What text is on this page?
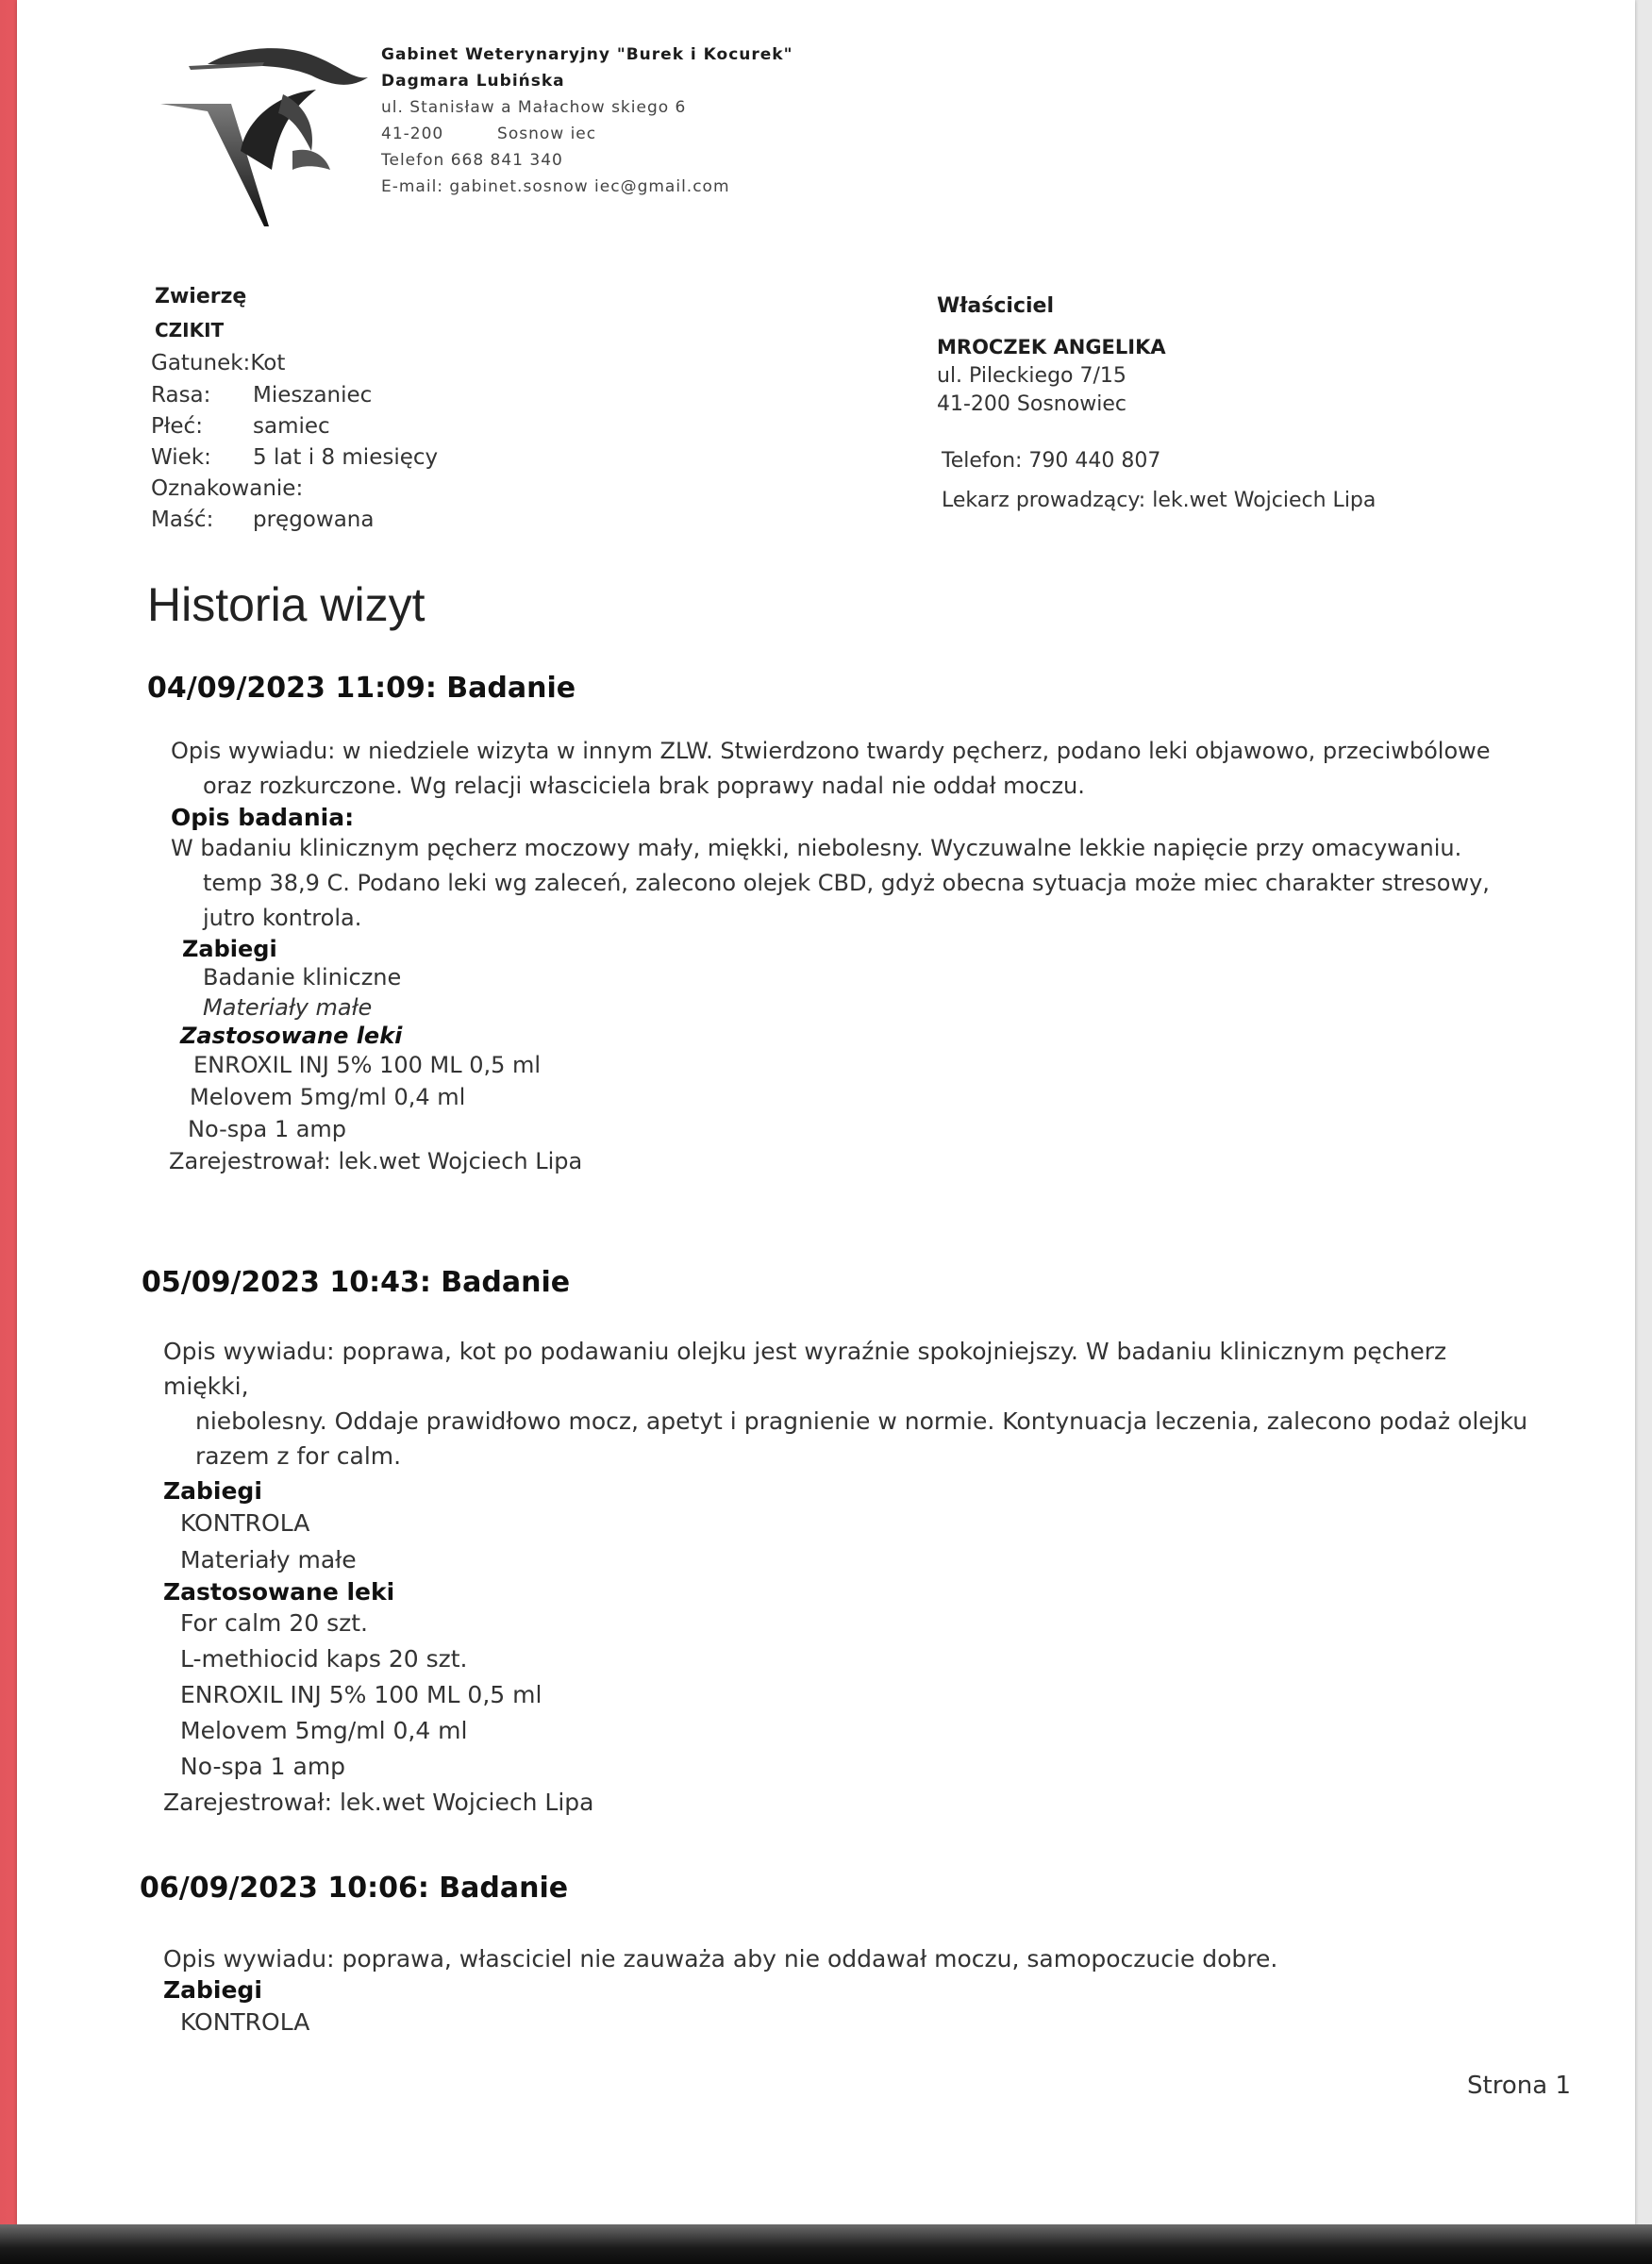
Gabinet Weterynaryjny "Burek i Kocurek"
Dagmara Lubińska
ul. Stanisław a Małachow skiego 6
41-200	Sosnow iec
Telefon 668 841 340
E-mail: gabinet.sosnow iec@gmail.com
Zwierzę
CZIKIT
Gatunek:Kot
Rasa: Mieszaniec
Płeć: samiec
Wiek: 5 lat i 8 miesięcy
Oznakowanie:
Maść: pręgowana
Właściciel
MROCZEK ANGELIKA
ul. Pileckiego 7/15
41-200 Sosnowiec
Telefon: 790 440 807
Lekarz prowadzący: lek.wet Wojciech Lipa
Historia wizyt
04/09/2023 11:09: Badanie
Opis wywiadu: w niedziele wizyta w innym ZLW. Stwierdzono twardy pęcherz, podano leki objawowo, przeciwbólowe
oraz rozkurczone. Wg relacji własciciela brak poprawy nadal nie oddał moczu.
Opis badania:
W badaniu klinicznym pęcherz moczowy mały, miękki, niebolesny. Wyczuwalne lekkie napięcie przy omacywaniu.
temp 38,9 C. Podano leki wg zaleceń, zalecono olejek CBD, gdyż obecna sytuacja może miec charakter stresowy,
jutro kontrola.
Zabiegi
Badanie kliniczne
Materiały małe
Zastosowane leki
ENROXIL INJ 5% 100 ML 0,5 ml
Melovem 5mg/ml 0,4 ml
No-spa 1 amp
Zarejestrował: lek.wet Wojciech Lipa
05/09/2023 10:43: Badanie
Opis wywiadu: poprawa, kot po podawaniu olejku jest wyraźnie spokojniejszy. W badaniu klinicznym pęcherz miękki,
niebolesny. Oddaje prawidłowo mocz, apetyt i pragnienie w normie. Kontynuacja leczenia, zalecono podaż olejku
razem z for calm.
Zabiegi
KONTROLA
Materiały małe
Zastosowane leki
For calm 20 szt.
L-methiocid kaps 20 szt.
ENROXIL INJ 5% 100 ML 0,5 ml
Melovem 5mg/ml 0,4 ml
No-spa 1 amp
Zarejestrował: lek.wet Wojciech Lipa
06/09/2023 10:06: Badanie
Opis wywiadu: poprawa, własciciel nie zauważa aby nie oddawał moczu, samopoczucie dobre.
Zabiegi
KONTROLA
Strona 1
